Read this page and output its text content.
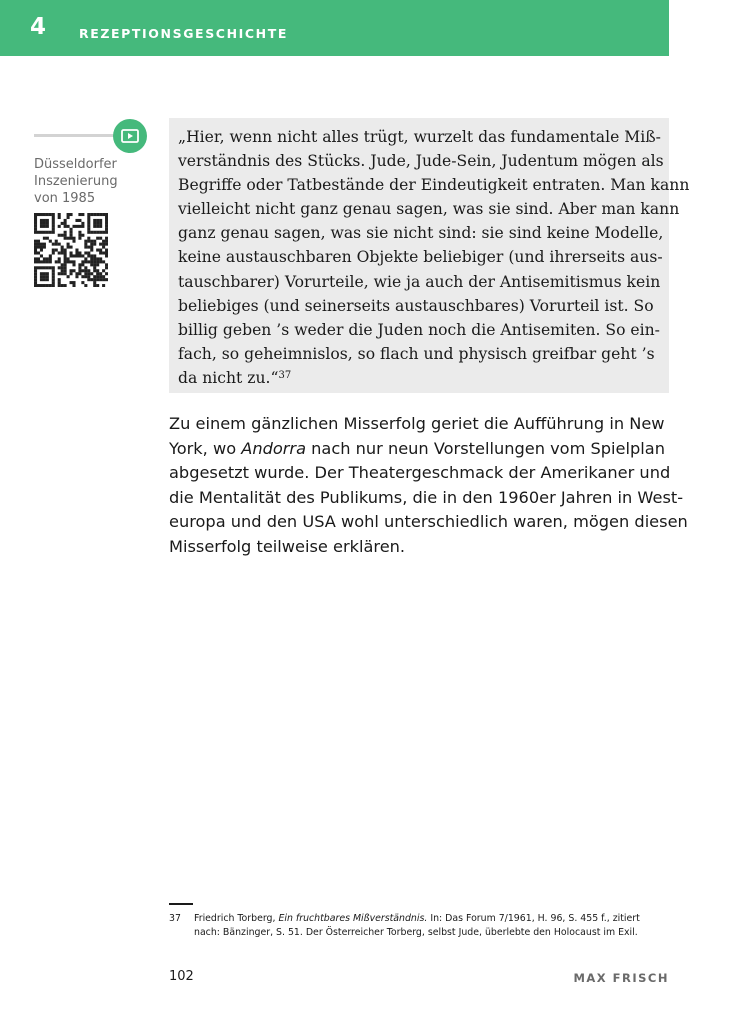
4	REZEPTIONSGESCHICHTE
Düsseldorfer
Inszenierung
von 1985
„Hier, wenn nicht alles trügt, wurzelt das fundamentale Miß-
verständnis des Stücks. Jude, Jude-Sein, Judentum mögen als
Begriffe oder Tatbestände der Eindeutigkeit entraten. Man kann
vielleicht nicht ganz genau sagen, was sie sind. Aber man kann
ganz genau sagen, was sie nicht sind: sie sind keine Modelle,
keine austauschbaren Objekte beliebiger (und ihrerseits aus-
tauschbarer) Vorurteile, wie ja auch der Antisemitismus kein
beliebiges (und seinerseits austauschbares) Vorurteil ist. So
billig geben ’s weder die Juden noch die Antisemiten. So ein-
fach, so geheimnislos, so flach und physisch greifbar geht ’s
da nicht zu.“$^{37}$
Zu einem gänzlichen Misserfolg geriet die Aufführung in New
York, wo Andorra nach nur neun Vorstellungen vom Spielplan
abgesetzt wurde. Der Theatergeschmack der Amerikaner und
die Mentalität des Publikums, die in den 1960er Jahren in West-
europa und den USA wohl unterschiedlich waren, mögen diesen
Misserfolg teilweise erklären.
37 Friedrich Torberg, Ein fruchtbares Mißverständnis. In: Das Forum 7/1961, H. 96, S. 455 f., zitiert
nach: Bänzinger, S. 51. Der Österreicher Torberg, selbst Jude, überlebte den Holocaust im Exil.
102	MAX FRISCH
